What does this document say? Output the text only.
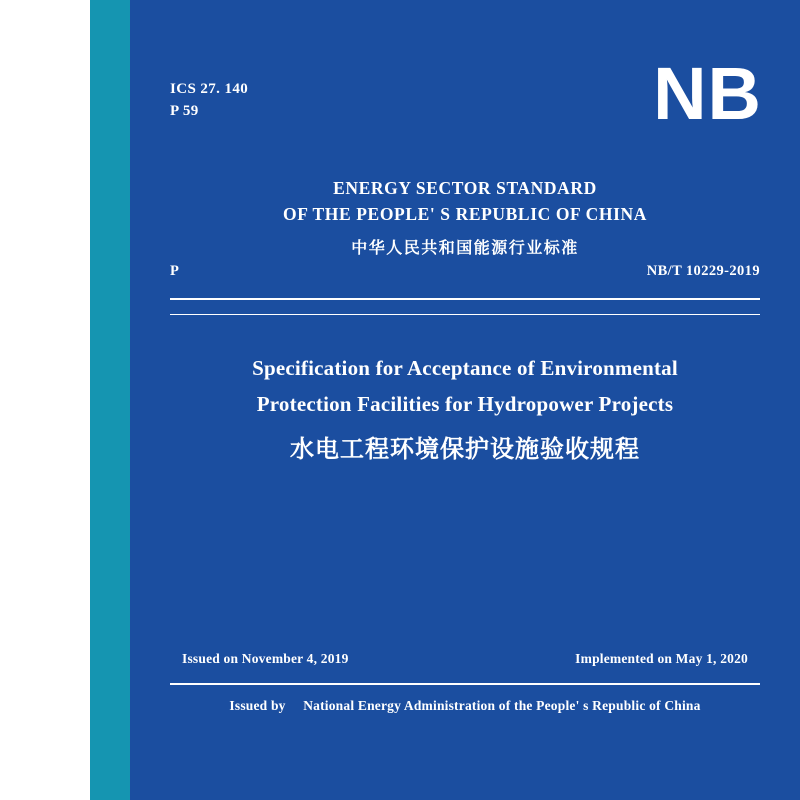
ICS 27. 140
P 59	NB
ENERGY SECTOR STANDARD
OF THE PEOPLE' S REPUBLIC OF CHINA
中华人民共和国能源行业标准
P	NB/T 10229-2019
Specification for Acceptance of Environmental
Protection Facilities for Hydropower Projects
水电工程环境保护设施验收规程
Issued on November 4, 2019	Implemented on May 1, 2020
Issued by National Energy Administration of the People' s Republic of China
